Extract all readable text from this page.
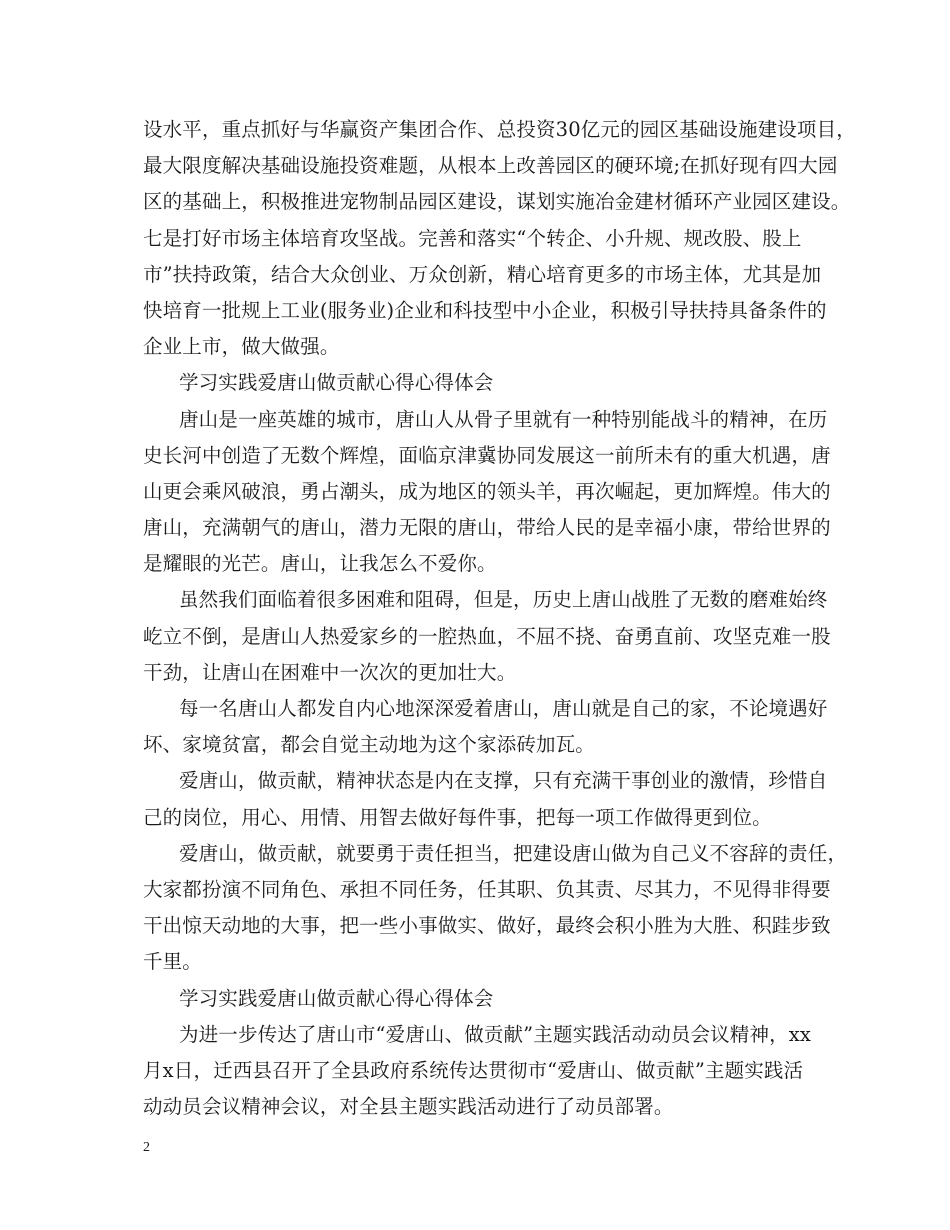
设水平，重点抓好与华赢资产集团合作、总投资30亿元的园区基础设施建设项目，
最大限度解决基础设施投资难题，从根本上改善园区的硬环境;在抓好现有四大园
区的基础上，积极推进宠物制品园区建设，谋划实施冶金建材循环产业园区建设。
七是打好市场主体培育攻坚战。完善和落实“个转企、小升规、规改股、股上
市”扶持政策，结合大众创业、万众创新，精心培育更多的市场主体，尤其是加
快培育一批规上工业(服务业)企业和科技型中小企业，积极引导扶持具备条件的
企业上市，做大做强。
学习实践爱唐山做贡献心得心得体会
唐山是一座英雄的城市，唐山人从骨子里就有一种特别能战斗的精神，在历
史长河中创造了无数个辉煌，面临京津冀协同发展这一前所未有的重大机遇，唐
山更会乘风破浪，勇占潮头，成为地区的领头羊，再次崛起，更加辉煌。伟大的
唐山，充满朝气的唐山，潜力无限的唐山，带给人民的是幸福小康，带给世界的
是耀眼的光芒。唐山，让我怎么不爱你。
虽然我们面临着很多困难和阻碍，但是，历史上唐山战胜了无数的磨难始终
屹立不倒，是唐山人热爱家乡的一腔热血，不屈不挠、奋勇直前、攻坚克难一股
干劲，让唐山在困难中一次次的更加壮大。
每一名唐山人都发自内心地深深爱着唐山，唐山就是自己的家，不论境遇好
坏、家境贫富，都会自觉主动地为这个家添砖加瓦。
爱唐山，做贡献，精神状态是内在支撑，只有充满干事创业的激情，珍惜自
己的岗位，用心、用情、用智去做好每件事，把每一项工作做得更到位。
爱唐山，做贡献，就要勇于责任担当，把建设唐山做为自己义不容辞的责任，
大家都扮演不同角色、承担不同任务，任其职、负其责、尽其力，不见得非得要
干出惊天动地的大事，把一些小事做实、做好，最终会积小胜为大胜、积跬步致
千里。
学习实践爱唐山做贡献心得心得体会
为进一步传达了唐山市“爱唐山、做贡献”主题实践活动动员会议精神，xx
月x日，迁西县召开了全县政府系统传达贯彻市“爱唐山、做贡献”主题实践活
动动员会议精神会议，对全县主题实践活动进行了动员部署。
2
